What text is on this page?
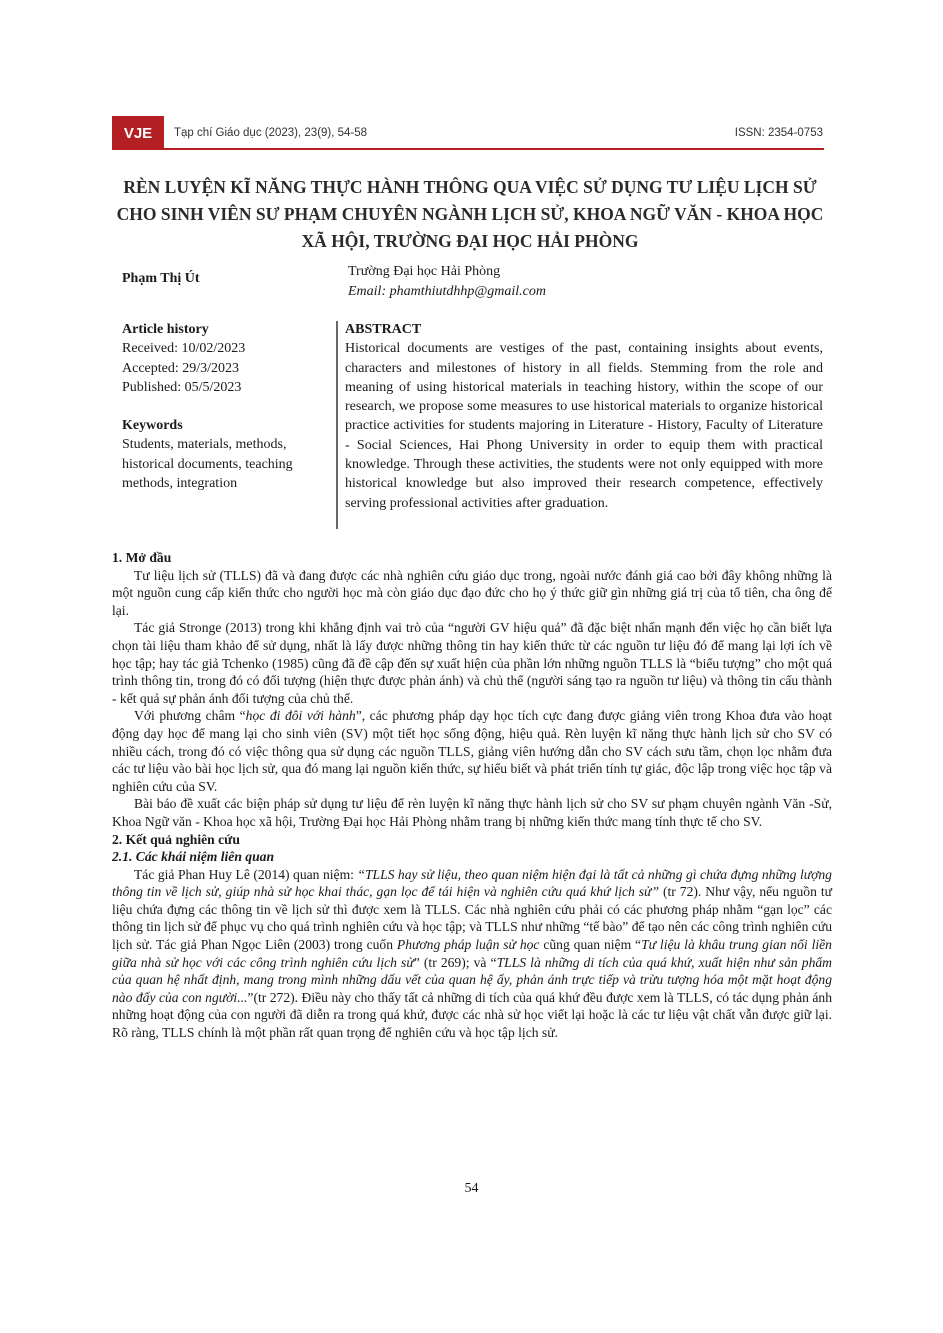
VJE	Tạp chí Giáo dục (2023), 23(9), 54-58	ISSN: 2354-0753
RÈN LUYỆN KĨ NĂNG THỰC HÀNH THÔNG QUA VIỆC SỬ DỤNG TƯ LIỆU LỊCH SỬ CHO SINH VIÊN SƯ PHẠM CHUYÊN NGÀNH LỊCH SỬ, KHOA NGỮ VĂN - KHOA HỌC XÃ HỘI, TRƯỜNG ĐẠI HỌC HẢI PHÒNG
Phạm Thị Út	Trường Đại học Hải Phòng
Email: phamthiutdhhp@gmail.com
Article history
Received: 10/02/2023
Accepted: 29/3/2023
Published: 05/5/2023
Keywords
Students, materials, methods, historical documents, teaching methods, integration
ABSTRACT
Historical documents are vestiges of the past, containing insights about events, characters and milestones of history in all fields. Stemming from the role and meaning of using historical materials in teaching history, within the scope of our research, we propose some measures to use historical materials to organize historical practice activities for students majoring in Literature - History, Faculty of Literature - Social Sciences, Hai Phong University in order to equip them with practical knowledge. Through these activities, the students were not only equipped with more historical knowledge but also improved their research competence, effectively serving professional activities after graduation.

1. Mở đầu

Tư liệu lịch sử (TLLS) đã và đang được các nhà nghiên cứu giáo dục trong, ngoài nước đánh giá cao bởi đây không những là một nguồn cung cấp kiến thức cho người học mà còn giáo dục đạo đức cho họ ý thức giữ gìn những giá trị của tổ tiên, cha ông để lại.

Tác giả Stronge (2013) trong khi khẳng định vai trò của “người GV hiệu quả” đã đặc biệt nhấn mạnh đến việc họ cần biết lựa chọn tài liệu tham khảo để sử dụng, nhất là lấy được những thông tin hay kiến thức từ các nguồn tư liệu đó để mang lại lợi ích về học tập; hay tác giả Tchenko (1985) cũng đã đề cập đến sự xuất hiện của phần lớn những nguồn TLLS là “biểu tượng” cho một quá trình thông tin, trong đó có đối tượng (hiện thực được phản ánh) và chủ thể (người sáng tạo ra nguồn tư liệu) và thông tin cấu thành - kết quả sự phản ánh đối tượng của chủ thể.

Với phương châm “học đi đôi với hành”, các phương pháp dạy học tích cực đang được giảng viên trong Khoa đưa vào hoạt động dạy học để mang lại cho sinh viên (SV) một tiết học sống động, hiệu quả. Rèn luyện kĩ năng thực hành lịch sử cho SV có nhiều cách, trong đó có việc thông qua sử dụng các nguồn TLLS, giảng viên hướng dẫn cho SV cách sưu tầm, chọn lọc nhằm đưa các tư liệu vào bài học lịch sử, qua đó mang lại nguồn kiến thức, sự hiểu biết và phát triển tính tự giác, độc lập trong việc học tập và nghiên cứu của SV.

Bài báo đề xuất các biện pháp sử dụng tư liệu để rèn luyện kĩ năng thực hành lịch sử cho SV sư phạm chuyên ngành Văn -Sử, Khoa Ngữ văn - Khoa học xã hội, Trường Đại học Hải Phòng nhằm trang bị những kiến thức mang tính thực tế cho SV.

2. Kết quả nghiên cứu

2.1. Các khái niệm liên quan

Tác giả Phan Huy Lê (2014) quan niệm: “TLLS hay sử liệu, theo quan niệm hiện đại là tất cả những gì chứa đựng những lượng thông tin về lịch sử, giúp nhà sử học khai thác, gạn lọc để tái hiện và nghiên cứu quá khứ lịch sử” (tr 72). Như vậy, nếu nguồn tư liệu chứa đựng các thông tin về lịch sử thì được xem là TLLS. Các nhà nghiên cứu phải có các phương pháp nhằm “gạn lọc” các thông tin lịch sử để phục vụ cho quá trình nghiên cứu và học tập; và TLLS như những “tế bào” để tạo nên các công trình nghiên cứu lịch sử. Tác giả Phan Ngọc Liên (2003) trong cuốn Phương pháp luận sử học cũng quan niệm “Tư liệu là khâu trung gian nối liền giữa nhà sử học với các công trình nghiên cứu lịch sử” (tr 269); và “TLLS là những di tích của quá khứ, xuất hiện như sản phẩm của quan hệ nhất định, mang trong mình những dấu vết của quan hệ ấy, phản ánh trực tiếp và trừu tượng hóa một mặt hoạt động nào đấy của con người...”(tr 272). Điều này cho thấy tất cả những di tích của quá khứ đều được xem là TLLS, có tác dụng phản ánh những hoạt động của con người đã diễn ra trong quá khứ, được các nhà sử học viết lại hoặc là các tư liệu vật chất vẫn được giữ lại. Rõ ràng, TLLS chính là một phần rất quan trọng để nghiên cứu và học tập lịch sử.

54
